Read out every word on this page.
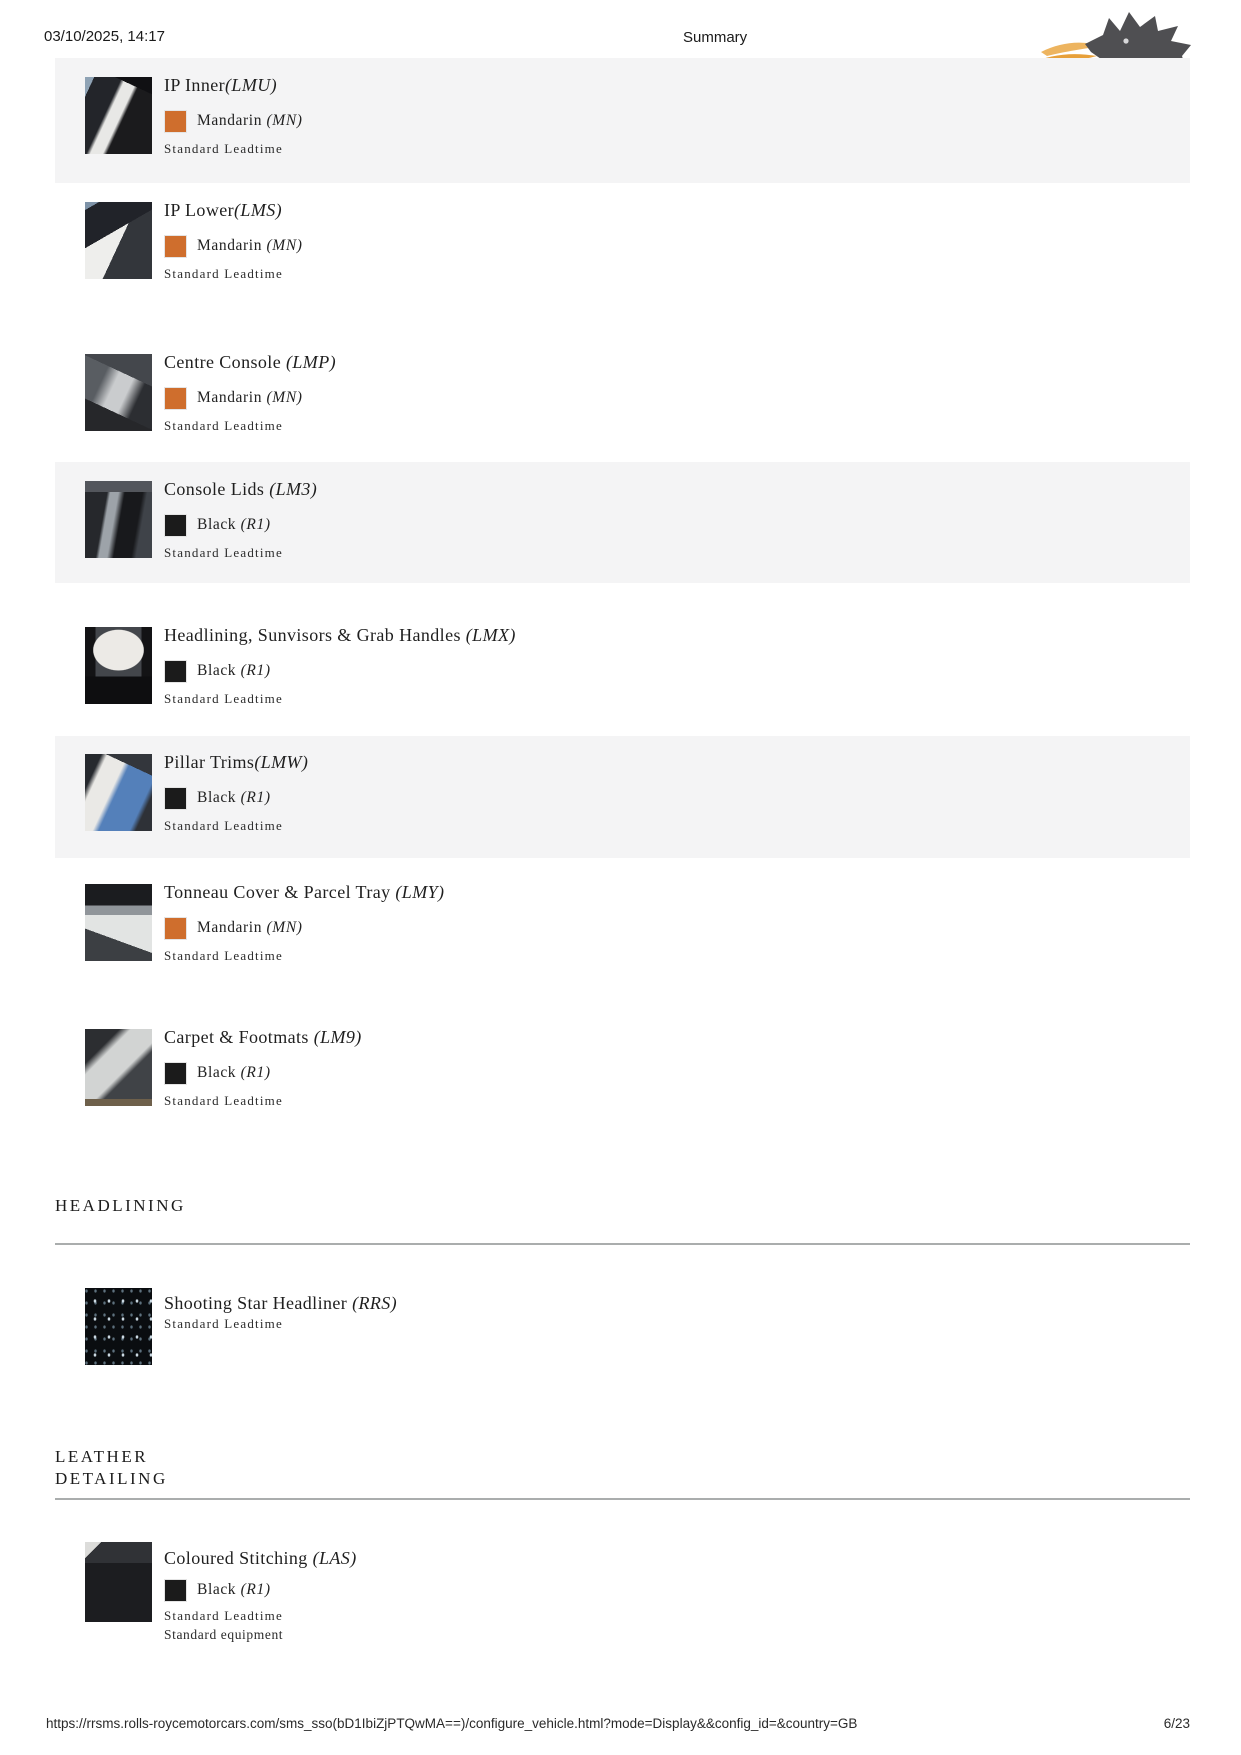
03/10/2025, 14:17	Summary
IP Inner(LMU)
Mandarin (MN)
Standard Leadtime
IP Lower(LMS)
Mandarin (MN)
Standard Leadtime
Centre Console (LMP)
Mandarin (MN)
Standard Leadtime
Console Lids (LM3)
Black (R1)
Standard Leadtime
Headlining, Sunvisors & Grab Handles (LMX)
Black (R1)
Standard Leadtime
Pillar Trims(LMW)
Black (R1)
Standard Leadtime
Tonneau Cover & Parcel Tray (LMY)
Mandarin (MN)
Standard Leadtime
Carpet & Footmats (LM9)
Black (R1)
Standard Leadtime
HEADLINING
Shooting Star Headliner (RRS)
Standard Leadtime
LEATHER DETAILING
Coloured Stitching (LAS)
Black (R1)
Standard Leadtime
Standard equipment
https://rrsms.rolls-roycemotorcars.com/sms_sso(bD1IbiZjPTQwMA==)/configure_vehicle.html?mode=Display&&config_id=&country=GB	6/23
